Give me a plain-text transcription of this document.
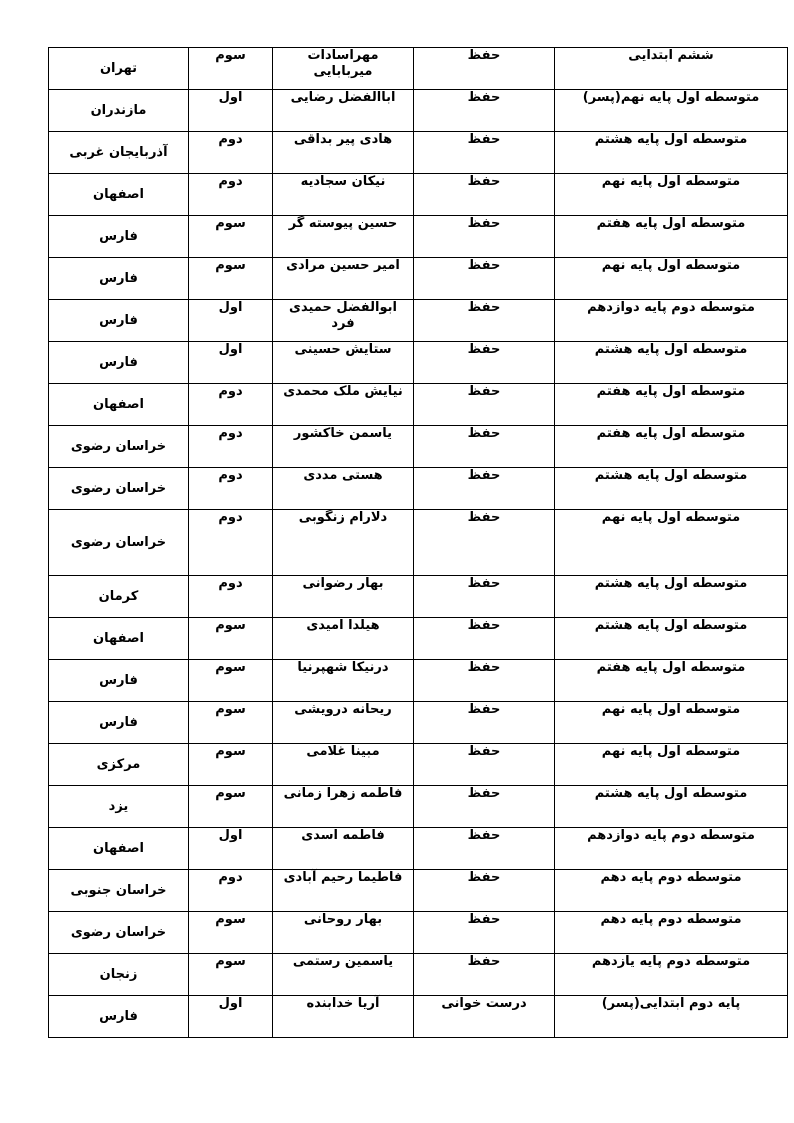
ششم ابتدایی	حفظ	مهراسادات میربابایی	سوم	تهران
متوسطه اول پایه نهم(پسر)	حفظ	اباالفضل رضایی	اول	مازندران
متوسطه اول پایه هشتم	حفظ	هادی پیر بداقی	دوم	آذربایجان غربی
متوسطه اول پایه نهم	حفظ	نیکان سجادیه	دوم	اصفهان
متوسطه اول پایه هفتم	حفظ	حسین پیوسته گر	سوم	فارس
متوسطه اول پایه نهم	حفظ	امیر حسین مرادی	سوم	فارس
متوسطه دوم پایه دوازدهم	حفظ	ابوالفضل حمیدی فرد	اول	فارس
متوسطه اول پایه هشتم	حفظ	ستایش حسینی	اول	فارس
متوسطه اول پایه هفتم	حفظ	نیایش ملک محمدی	دوم	اصفهان
متوسطه اول پایه هفتم	حفظ	یاسمن خاکشور	دوم	خراسان رضوی
متوسطه اول پایه هشتم	حفظ	هستی مددی	دوم	خراسان رضوی
متوسطه اول پایه نهم	حفظ	دلارام زنگوبی	دوم	خراسان رضوی
متوسطه اول پایه هشتم	حفظ	بهار رضوانی	دوم	کرمان
متوسطه اول پایه هشتم	حفظ	هیلدا امیدی	سوم	اصفهان
متوسطه اول پایه هفتم	حفظ	درنیکا شهپرنیا	سوم	فارس
متوسطه اول پایه نهم	حفظ	ریحانه درویشی	سوم	فارس
متوسطه اول پایه نهم	حفظ	مبینا غلامی	سوم	مرکزی
متوسطه اول پایه هشتم	حفظ	فاطمه زهرا زمانی	سوم	یزد
متوسطه دوم پایه دوازدهم	حفظ	فاطمه اسدی	اول	اصفهان
متوسطه دوم پایه دهم	حفظ	فاطیما رحیم آبادی	دوم	خراسان جنوبی
متوسطه دوم پایه دهم	حفظ	بهار روحانی	سوم	خراسان رضوی
متوسطه دوم پایه یازدهم	حفظ	یاسمین رستمی	سوم	زنجان
پایه دوم ابتدایی(پسر)	درست خوانی	آریا خدابنده	اول	فارس
